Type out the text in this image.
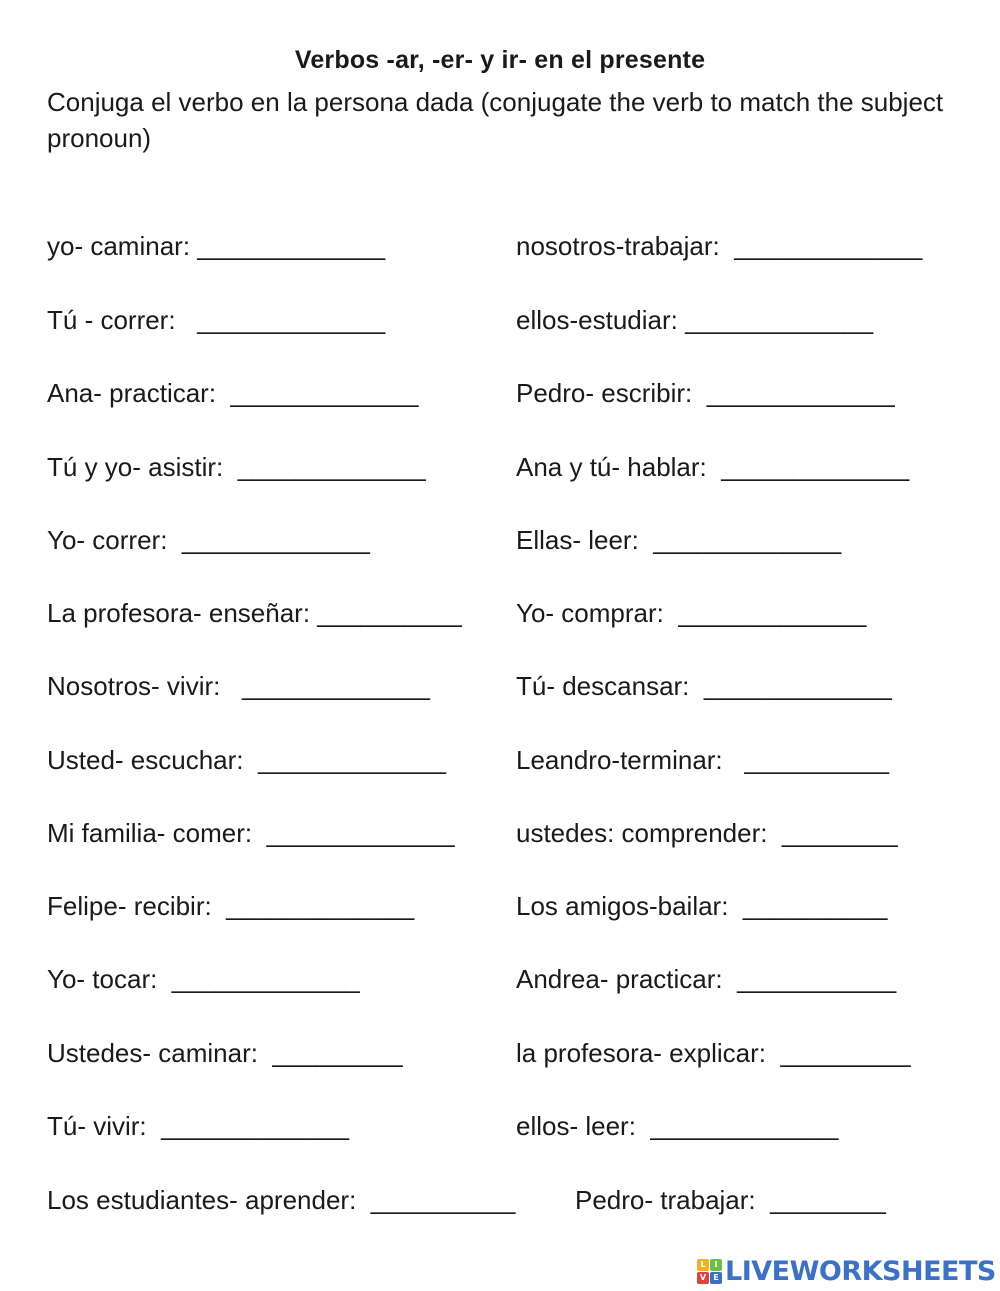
Verbos -ar, -er- y ir- en el presente
Conjuga el verbo en la persona dada (conjugate the verb to match the subject pronoun)
yo- caminar: _____________	nosotros-trabajar: _____________
Tú - correr: _____________	ellos-estudiar: _____________
Ana- practicar: _____________	Pedro- escribir: _____________
Tú y yo- asistir: _____________	Ana y tú- hablar: _____________
Yo- correr: _____________	Ellas- leer: _____________
La profesora- enseñar: __________ Yo- comprar: _____________
Nosotros- vivir: _____________	Tú- descansar: _____________
Usted- escuchar: _____________	Leandro-terminar: __________
Mi familia- comer: _____________ ustedes: comprender: ________
Felipe- recibir: _____________	Los amigos-bailar: __________
Yo- tocar: _____________	Andrea- practicar: ___________
Ustedes- caminar: _________	la profesora- explicar: _________
Tú- vivir: _____________	ellos- leer: _____________
Los estudiantes- aprender: __________ Pedro- trabajar: ________
L	I
V E LIVEWORKSHEETS
